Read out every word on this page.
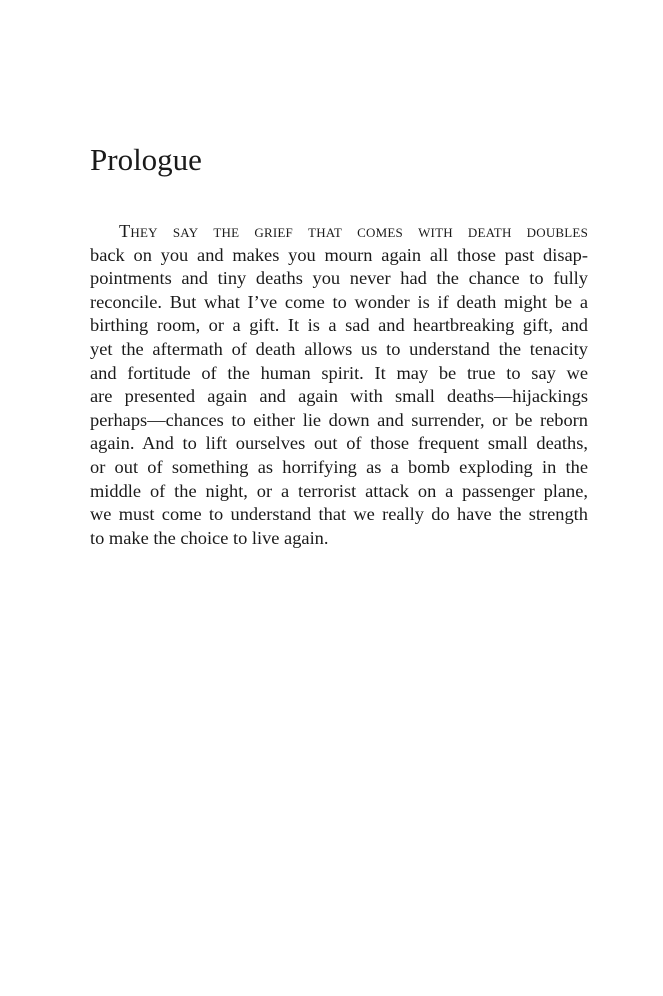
Prologue
They say the grief that comes with death doubles
back on you and makes you mourn again all those past disap-
pointments and tiny deaths you never had the chance to fully
reconcile. But what I’ve come to wonder is if death might be a
birthing room, or a gift. It is a sad and heartbreaking gift, and
yet the aftermath of death allows us to understand the tenacity
and fortitude of the human spirit. It may be true to say we
are presented again and again with small deaths—hijackings
perhaps—chances to either lie down and surrender, or be reborn
again. And to lift ourselves out of those frequent small deaths,
or out of something as horrifying as a bomb exploding in the
middle of the night, or a terrorist attack on a passenger plane,
we must come to understand that we really do have the strength
to make the choice to live again.
